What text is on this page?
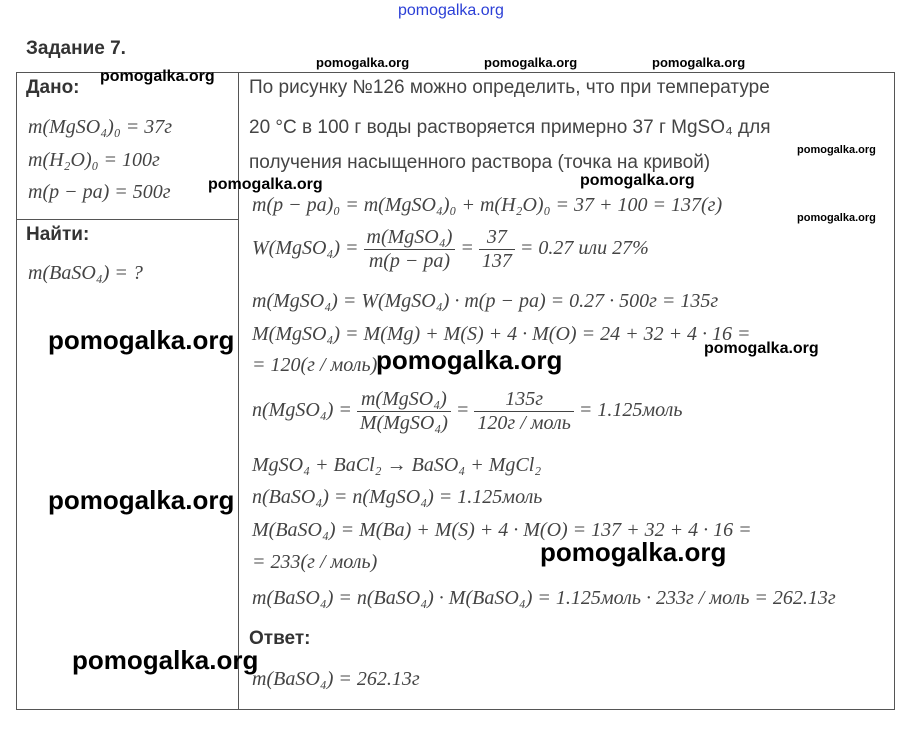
pomogalka.org
Задание 7.
pomogalka.org	pomogalka.org	pomogalka.org
Дано:
pomogalka.org
m(MgSO₄)₀ = 37г
m(H₂O)₀ = 100г
m(p − pa) = 500г
Найти:
m(BaSO₄) = ?
По рисунку №126 можно определить, что при температуре
20 °С в 100 г воды растворяется примерно 37 г MgSO₄ для
получения насыщенного раствора (точка на кривой)
pomogalka.org
pomogalka.org	pomogalka.org
m(p − pa)₀ = m(MgSO₄)₀ + m(H₂O)₀ = 37 + 100 = 137(г)
pomogalka.org
W(MgSO₄) = $\frac{\text{m(MgSO₄)}}{m(p - pa)} = \frac{37}{137} = 0.27$ или 27%
m(MgSO₄) = W(MgSO₄) · m(p − pa) = 0.27 · 500г = 135г
M(MgSO₄) = M(Mg) + M(S) + 4 · M(O) = 24 + 32 + 4 · 16 =
= 120(г / моль)
pomogalka.org
pomogalka.org	pomogalka.org
n(MgSO₄) = $\frac{\text{m(MgSO₄)}}{\text{M(MgSO₄)}} = \frac{135г}{\text{120г / моль}}$ = 1.125моль
MgSO₄ + BaCl₂ → BaSO₄ + MgCl₂
n(BaSO₄) = n(MgSO₄) = 1.125моль
pomogalka.org
M(BaSO₄) = M(Ba) + M(S) + 4 · M(O) = 137 + 32 + 4 · 16 =
= 233(г / моль)	pomogalka.org
m(BaSO₄) = n(BaSO₄) · M(BaSO₄) = 1.125моль · 233г / моль = 262.13г
Ответ:
m(BaSO₄) = 262.13г
pomogalka.org
